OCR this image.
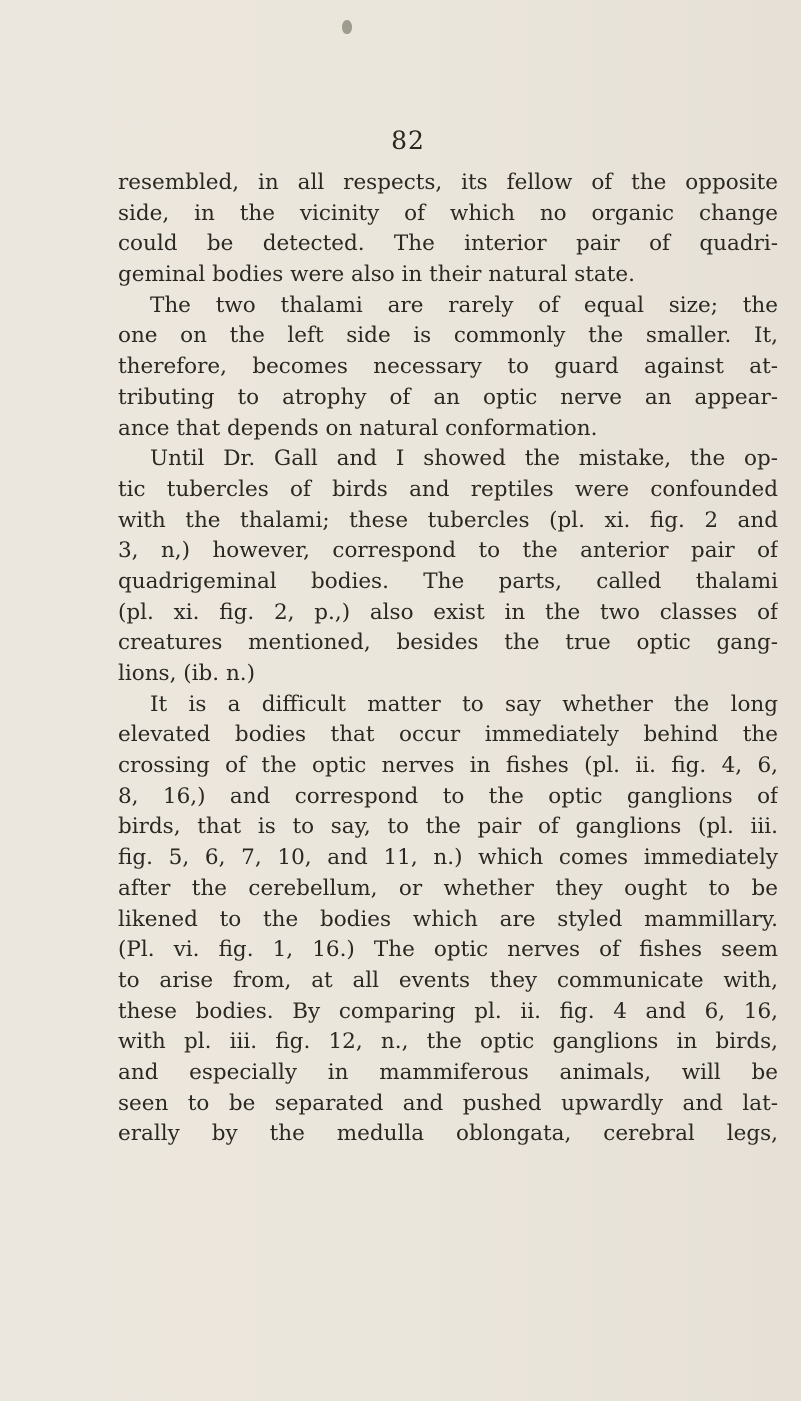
82
resembled, in all respects, its fellow of the opposite
side, in the vicinity of which no organic change
could be detected. The interior pair of quadri-
geminal bodies were also in their natural state.
The two thalami are rarely of equal size; the
one on the left side is commonly the smaller. It,
therefore, becomes necessary to guard against at-
tributing to atrophy of an optic nerve an appear-
ance that depends on natural conformation.
Until Dr. Gall and I showed the mistake, the op-
tic tubercles of birds and reptiles were confounded
with the thalami; these tubercles (pl. xi. fig. 2 and
3, n,) however, correspond to the anterior pair of
quadrigeminal bodies. The parts, called thalami
(pl. xi. fig. 2, p.,) also exist in the two classes of
creatures mentioned, besides the true optic gang-
lions, (ib. n.)
It is a difficult matter to say whether the long
elevated bodies that occur immediately behind the
crossing of the optic nerves in fishes (pl. ii. fig. 4, 6,
8, 16,) and correspond to the optic ganglions of
birds, that is to say, to the pair of ganglions (pl. iii.
fig. 5, 6, 7, 10, and 11, n.) which comes immediately
after the cerebellum, or whether they ought to be
likened to the bodies which are styled mammillary.
(Pl. vi. fig. 1, 16.) The optic nerves of fishes seem
to arise from, at all events they communicate with,
these bodies. By comparing pl. ii. fig. 4 and 6, 16,
with pl. iii. fig. 12, n., the optic ganglions in birds,
and especially in mammiferous animals, will be
seen to be separated and pushed upwardly and lat-
erally by the medulla oblongata, cerebral legs,
